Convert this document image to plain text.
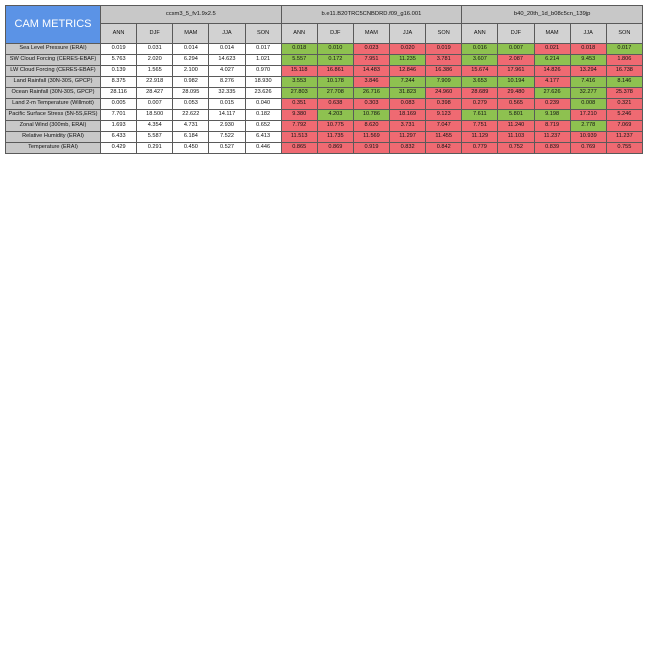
CAM METRICS	ccsm3_5_fv1.9x2.5					b.e11.B20TRC5CNBDRD.f09_g16.001					b40_20th_1d_b08c5cn_139jp				
	ANN	DJF	MAM	JJA	SON	ANN	DJF	MAM	JJA	SON	ANN	DJF	MAM	JJA	SON
Sea Level Pressure (ERAI)	0.019	0.031	0.014	0.014	0.017	0.018	0.010	0.023	0.020	0.019	0.016	0.007	0.021	0.018	0.017
SW Cloud Forcing (CERES-EBAF)	5.763	2.020	6.294	14.623	1.021	5.557	0.172	7.951	11.235	3.781	3.607	2.087	6.214	9.453	1.806
LW Cloud Forcing (CERES-EBAF)	0.139	1.565	2.100	4.027	0.970	15.118	16.861	14.483	12.846	16.386	15.674	17.961	14.826	13.294	16.738
Land Rainfall (30N-30S, GPCP)	8.375	22.918	0.982	8.276	18.930	3.553	10.178	3.846	7.244	7.909	3.653	10.194	4.177	7.416	8.146
Ocean Rainfall (30N-30S, GPCP)	28.116	28.427	28.095	32.335	23.626	27.803	27.708	26.716	31.823	24.960	28.689	29.480	27.626	32.277	25.378
Land 2-m Temperature (Willmott)	0.005	0.007	0.053	0.015	0.040	0.351	0.638	0.303	0.083	0.398	0.279	0.565	0.239	0.008	0.321
Pacific Surface Stress (5N-5S,ERS)	7.701	18.500	22.622	14.117	0.182	9.380	4.203	10.786	18.169	9.123	7.611	5.801	9.198	17.210	5.246
Zonal Wind (300mb, ERAI)	1.693	4.354	4.731	2.930	0.652	7.792	10.775	8.620	3.731	7.047	7.751	11.240	8.719	2.778	7.069
Relative Humidity (ERAI)	6.433	5.587	6.184	7.522	6.413	11.513	11.735	11.569	11.297	11.455	11.129	11.103	11.237	10.939	11.237
Temperature (ERAI)	0.429	0.291	0.450	0.527	0.446	0.865	0.869	0.919	0.832	0.842	0.779	0.752	0.839	0.769	0.755
